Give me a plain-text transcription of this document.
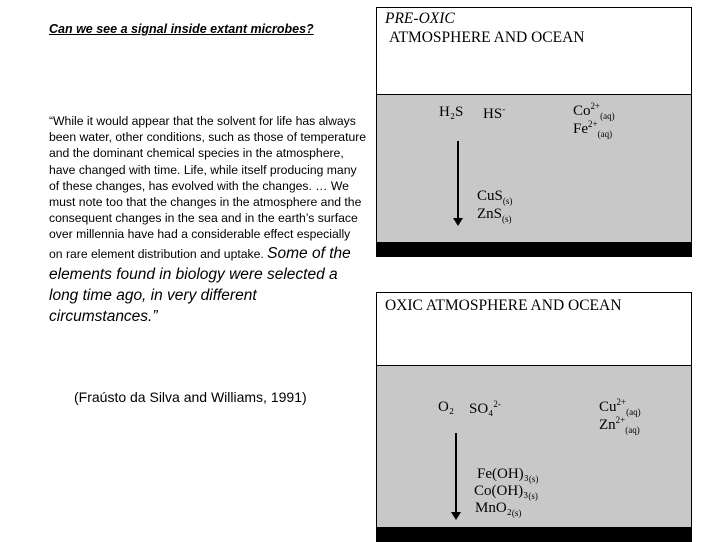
Can we see a signal inside extant microbes?
“While it would appear that the solvent for life has always been water, other conditions, such as those of temperature and the dominant chemical species in the atmosphere, have changed with time. Life, while itself producing many of these changes, has evolved with the changes. … We must note too that the changes in the atmosphere and the consequent changes in the sea and in the earth’s surface over millennia have had a considerable effect especially on rare element distribution and uptake. Some of the elements found in biology were selected a long time ago, in very different circumstances.”
(Fraústo da Silva and Williams, 1991)
PRE-OXIC
ATMOSPHERE AND OCEAN
H₂S HS-	$Co^{2+}_{(aq)}$
$Fe^{2+}_{(aq)}$
CuS$_{(s)}$
ZnS$_{(s)}$
OXIC ATMOSPHERE AND OCEAN
O₂ SO₄$^{2-}$	$Cu^{2+}_{(aq)}$
$Zn^{2+}_{(aq)}$
$Fe(OH)_3_{(s)}$
$Co(OH)_3_{(s)}$
$MnO_2_{(s)}$
